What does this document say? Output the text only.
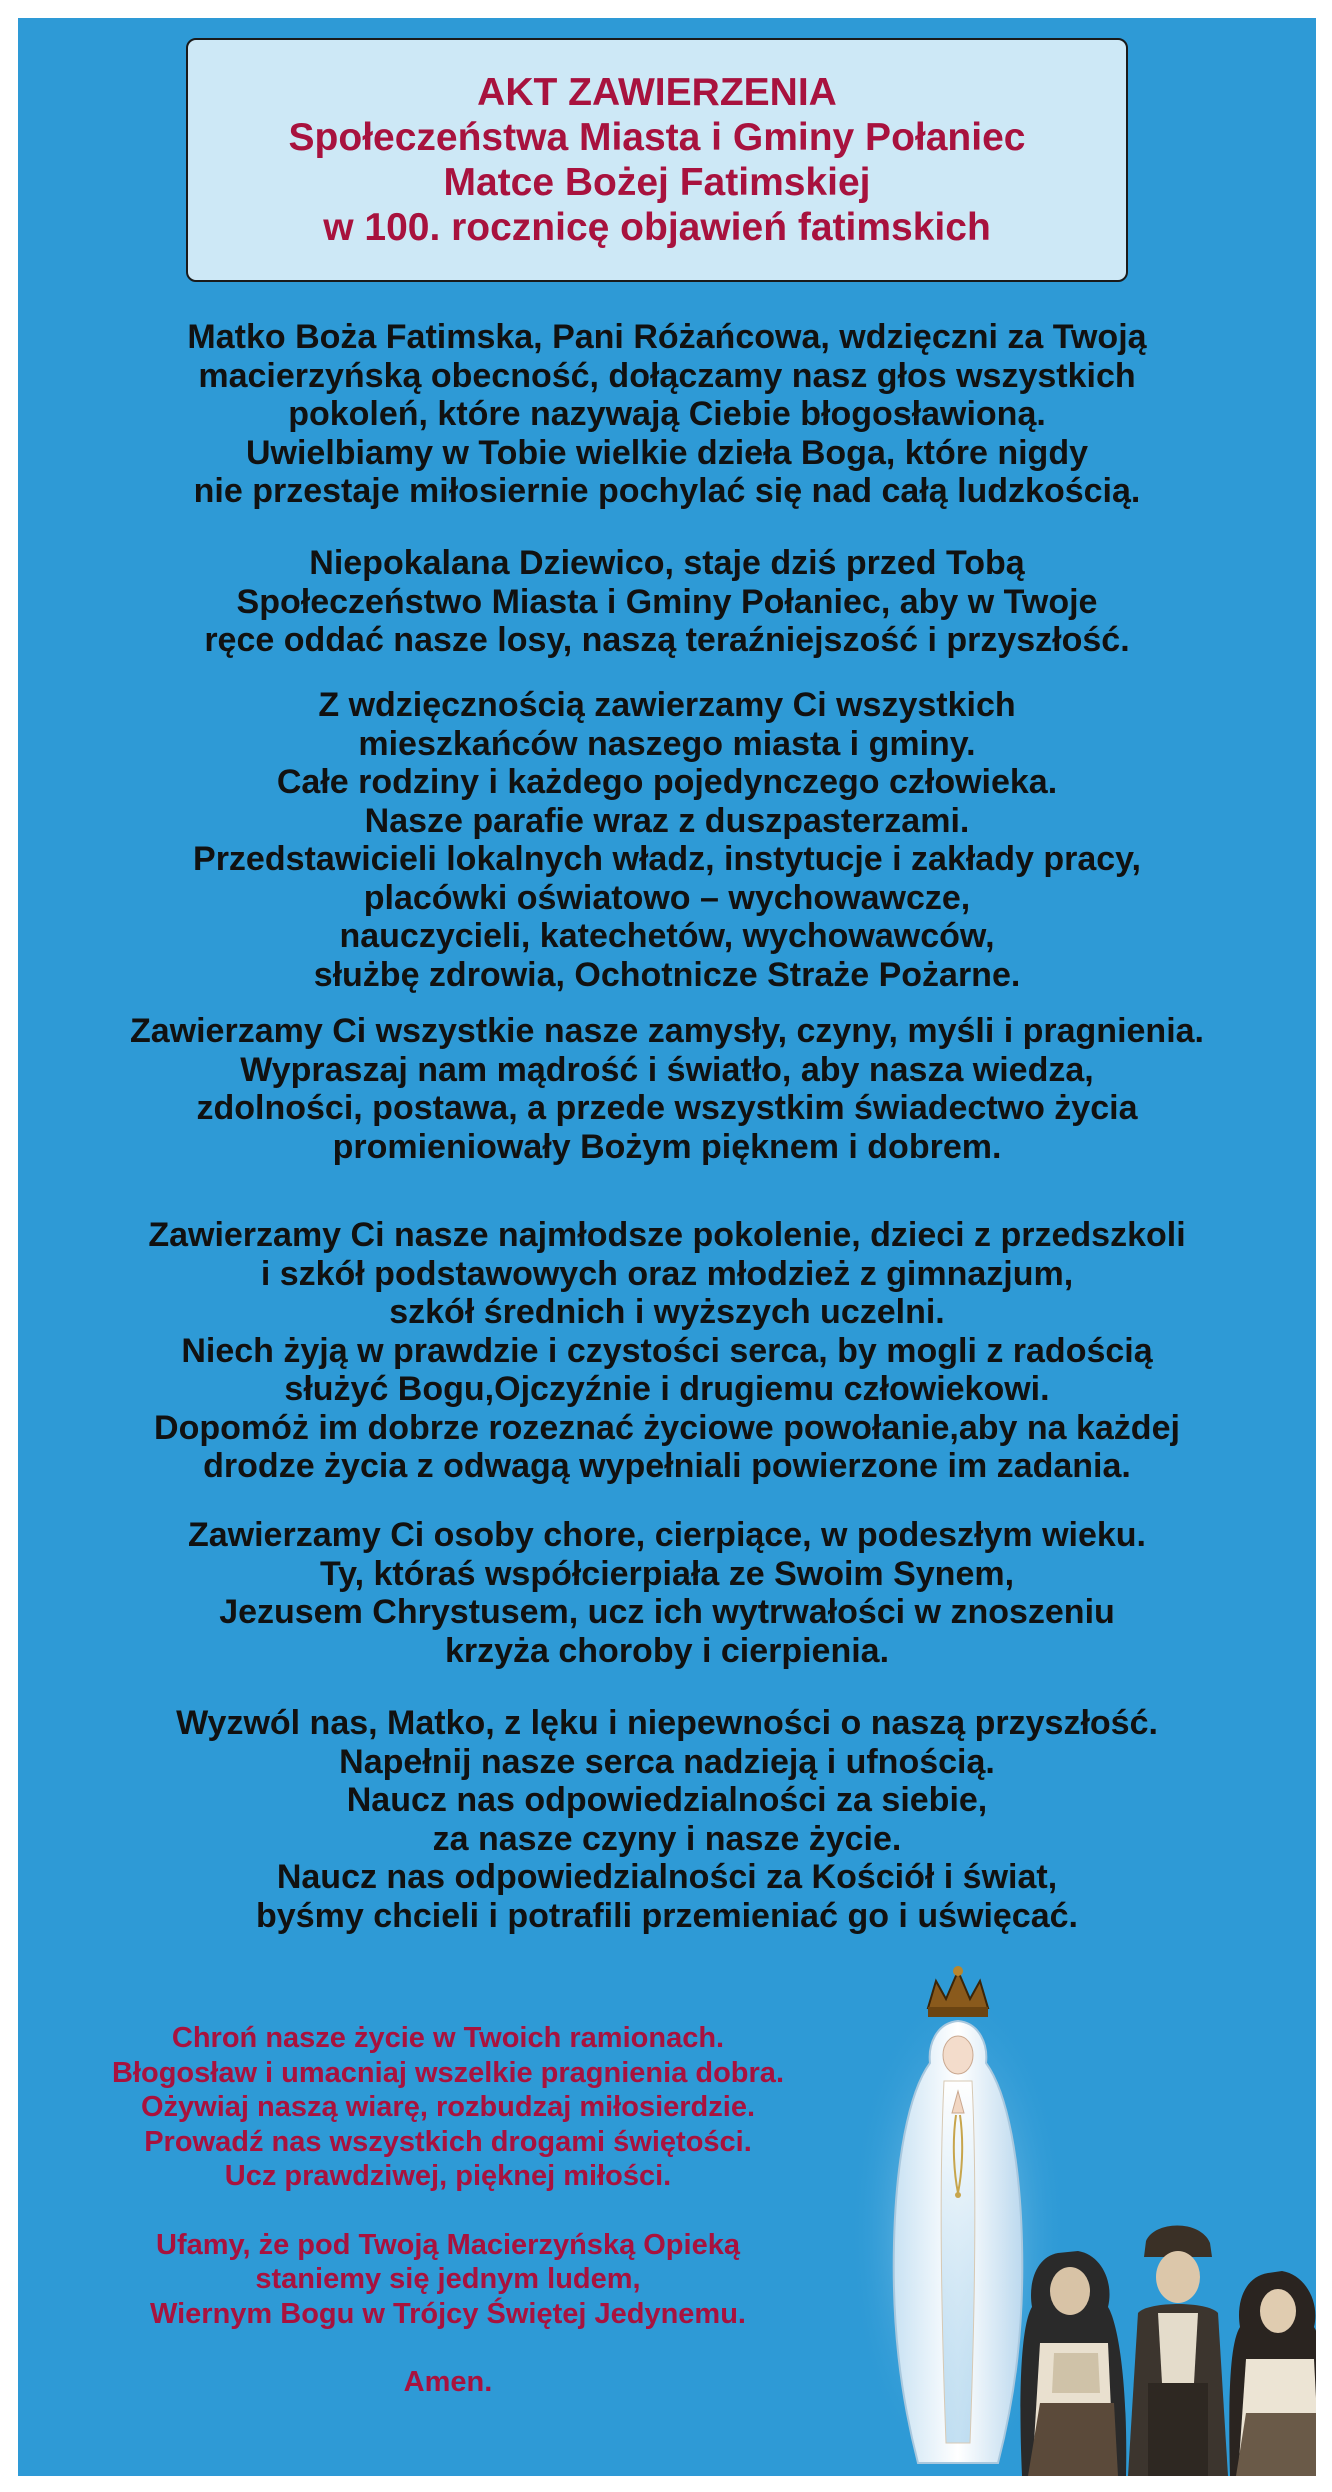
AKT ZAWIERZENIA
Społeczeństwa Miasta i Gminy Połaniec
Matce Bożej Fatimskiej
w 100. rocznicę objawień fatimskich
Matko Boża Fatimska, Pani Różańcowa, wdzięczni za Twoją
macierzyńską obecność, dołączamy nasz głos wszystkich
pokoleń, które nazywają Ciebie błogosławioną.
Uwielbiamy w Tobie wielkie dzieła Boga, które nigdy
nie przestaje miłosiernie pochylać się nad całą ludzkością.
Niepokalana Dziewico, staje dziś przed Tobą
Społeczeństwo Miasta i Gminy Połaniec, aby w Twoje
ręce oddać nasze losy, naszą teraźniejszość i przyszłość.
Z wdzięcznością zawierzamy Ci wszystkich
mieszkańców naszego miasta i gminy.
Całe rodziny i każdego pojedynczego człowieka.
Nasze parafie wraz z duszpasterzami.
Przedstawicieli lokalnych władz, instytucje i zakłady pracy,
placówki oświatowo – wychowawcze,
nauczycieli, katechetów, wychowawców,
służbę zdrowia, Ochotnicze Straże Pożarne.
Zawierzamy Ci wszystkie nasze zamysły, czyny, myśli i pragnienia.
Wypraszaj nam mądrość i światło, aby nasza wiedza,
zdolności, postawa, a przede wszystkim świadectwo życia
promieniowały Bożym pięknem i dobrem.
Zawierzamy Ci nasze najmłodsze pokolenie, dzieci z przedszkoli
i szkół podstawowych oraz młodzież z gimnazjum,
szkół średnich i wyższych uczelni.
Niech żyją w prawdzie i czystości serca, by mogli z radością
służyć Bogu,Ojczyźnie i drugiemu człowiekowi.
Dopomóż im dobrze rozeznać życiowe powołanie,aby na każdej
drodze życia z odwagą wypełniali powierzone im zadania.
Zawierzamy Ci osoby chore, cierpiące, w podeszłym wieku.
Ty, któraś współcierpiała ze Swoim Synem,
Jezusem Chrystusem, ucz ich wytrwałości w znoszeniu
krzyża choroby i cierpienia.
Wyzwól nas, Matko, z lęku i niepewności o naszą przyszłość.
Napełnij nasze serca nadzieją i ufnością.
Naucz nas odpowiedzialności za siebie,
za nasze czyny i nasze życie.
Naucz nas odpowiedzialności za Kościół i świat,
byśmy chcieli i potrafili przemieniać go i uświęcać.
Chroń nasze życie w Twoich ramionach.
Błogosław i umacniaj wszelkie pragnienia dobra.
Ożywiaj naszą wiarę, rozbudzaj miłosierdzie.
Prowadź nas wszystkich drogami świętości.
Ucz prawdziwej, pięknej miłości.
Ufamy, że pod Twoją Macierzyńską Opieką
staniemy się jednym ludem,
Wiernym Bogu w Trójcy Świętej Jedynemu.
Amen.
